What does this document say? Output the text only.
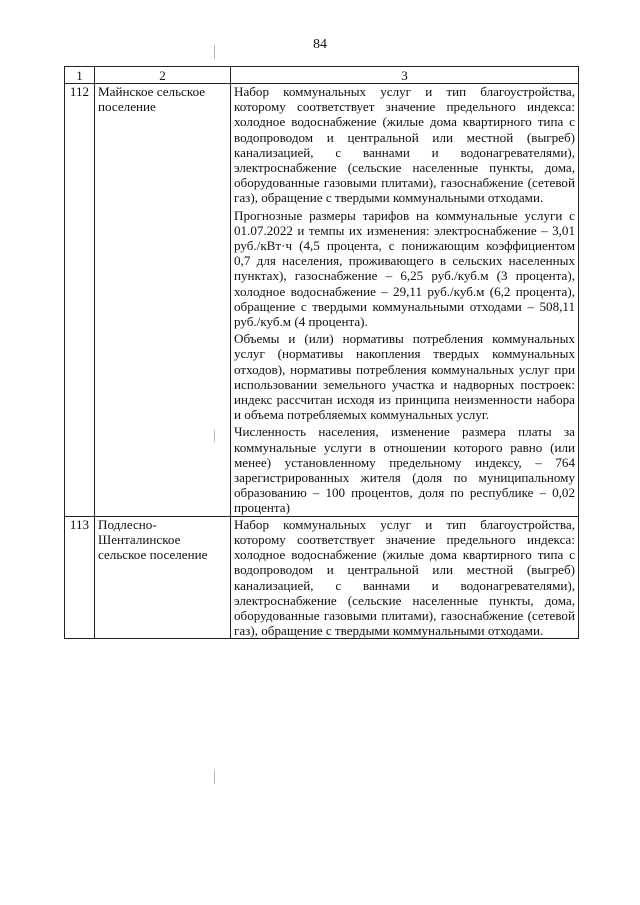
84
1	2	3
112	Майнское сельское поселение	Набор коммунальных услуг и тип благоустройства, которому соответствует значение предельного индекса: холодное водоснабжение (жилые дома квартирного типа с водопроводом и центральной или местной (выгреб) канализацией, с ваннами и водонагревателями), электроснабжение (сельские населенные пункты, дома, оборудованные газовыми плитами), газоснабжение (сетевой газ), обращение с твердыми коммунальными отходами.

Прогнозные размеры тарифов на коммунальные услуги с 01.07.2022 и темпы их изменения: электроснабжение – 3,01 руб./кВт·ч (4,5 процента, с понижающим коэффициентом 0,7 для населения, проживающего в сельских населенных пунктах), газоснабжение – 6,25 руб./куб.м (3 процента), холодное водоснабжение – 29,11 руб./куб.м (6,2 процента), обращение с твердыми коммунальными отходами – 508,11 руб./куб.м (4 процента).

Объемы и (или) нормативы потребления коммунальных услуг (нормативы накопления твердых коммунальных отходов), нормативы потребления коммунальных услуг при использовании земельного участка и надворных построек: индекс рассчитан исходя из принципа неизменности набора и объема потребляемых коммунальных услуг.

Численность населения, изменение размера платы за коммунальные услуги в отношении которого равно (или менее) установленному предельному индексу, – 764 зарегистрированных жителя (доля по муниципальному образованию – 100 процентов, доля по республике – 0,02 процента)

113	Подлесно-Шенталинское сельское поселение	Набор коммунальных услуг и тип благоустройства, которому соответствует значение предельного индекса: холодное водоснабжение (жилые дома квартирного типа с водопроводом и центральной или местной (выгреб) канализацией, с ваннами и водонагревателями), электроснабжение (сельские населенные пункты, дома, оборудованные газовыми плитами), газоснабжение (сетевой газ), обращение с твердыми коммунальными отходами.
